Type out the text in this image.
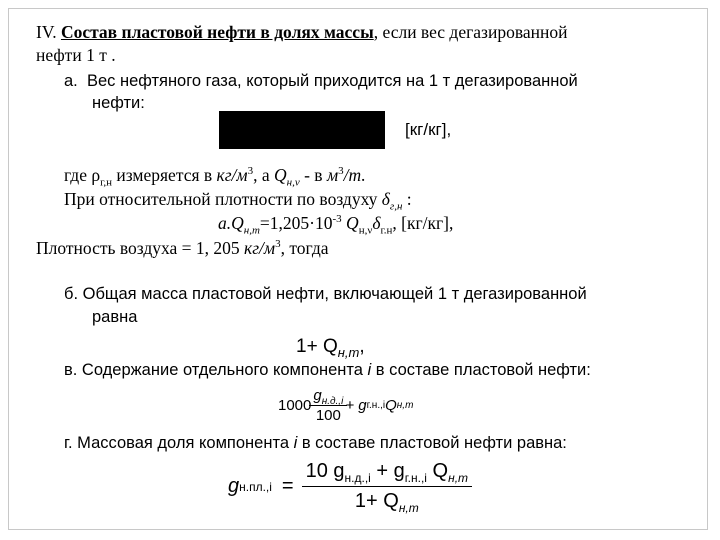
IV. Состав пластовой нефти в долях массы, если вес дегазированной
нефти 1 т .
а. Вес нефтяного газа, который приходится на 1 т дегазированной
нефти:
[кг/кг],
где $\rho_{г,н}$ измеряется в $кг/м^3$, а $Q_{н,\nu}$ - в $м^3/т$.
При относительной плотности по воздуху $\delta_{г,н}$ :
$a.Q_{н,т}=1,205\cdot 10^{-3}$ $Q_{н,\nu}\delta_{г.н}$, [кг/кг],
Плотность воздуха = 1, 205 $кг/м^3$, тогда
б. Общая масса пластовой нефти, включающей 1 т дегазированной
равна
$1+ Q_{н,т}$,
в. Содержание отдельного компонента i в составе пластовой нефти:
$1000 \frac{g_{н.д.,i}}{100} + g$ г.н.,i Q н,т
г. Массовая доля компонента i в составе пластовой нефти равна:
g $н.пл.,i = \frac{10 g_{н.д.,i} + g_{г.н.,i} Q_{н,т}}{1+ Q_{н,т}}$
